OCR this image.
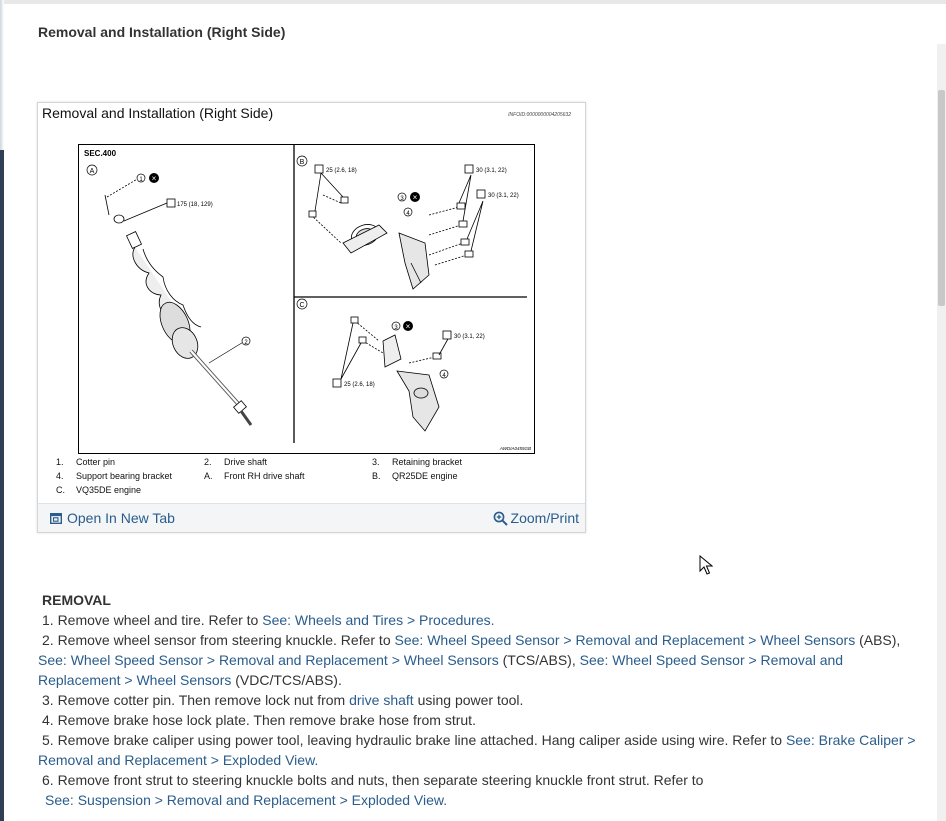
Removal and Installation (Right Side)
Removal and Installation (Right Side)	INFOID:0000000004205632
SEC.400
A
B
C
1 ×
175 (18, 129)
2
25 (2.6, 18)	30 (3.1, 22)
30 (3.1, 22)
3 ×
4
30 (3.1, 22)
25 (2.6, 18)
3 ×
4
AWDIA0455GB
1. Cotter pin	2. Drive shaft	3. Retaining bracket
4. Support bearing bracket	A. Front RH drive shaft	B. QR25DE engine
C. VQ35DE engine
Open In New Tab	Zoom/Print
REMOVAL

1. Remove wheel and tire. Refer to See: Wheels and Tires > Procedures.

2. Remove wheel sensor from steering knuckle. Refer to See: Wheel Speed Sensor > Removal and Replacement > Wheel Sensors (ABS), See: Wheel Speed Sensor > Removal and Replacement > Wheel Sensors (TCS/ABS), See: Wheel Speed Sensor > Removal and Replacement > Wheel Sensors (VDC/TCS/ABS).

3. Remove cotter pin. Then remove lock nut from drive shaft using power tool.

4. Remove brake hose lock plate. Then remove brake hose from strut.

5. Remove brake caliper using power tool, leaving hydraulic brake line attached. Hang caliper aside using wire. Refer to See: Brake Caliper > Removal and Replacement > Exploded View.

6. Remove front strut to steering knuckle bolts and nuts, then separate steering knuckle front strut. Refer to

See: Suspension > Removal and Replacement > Exploded View.
